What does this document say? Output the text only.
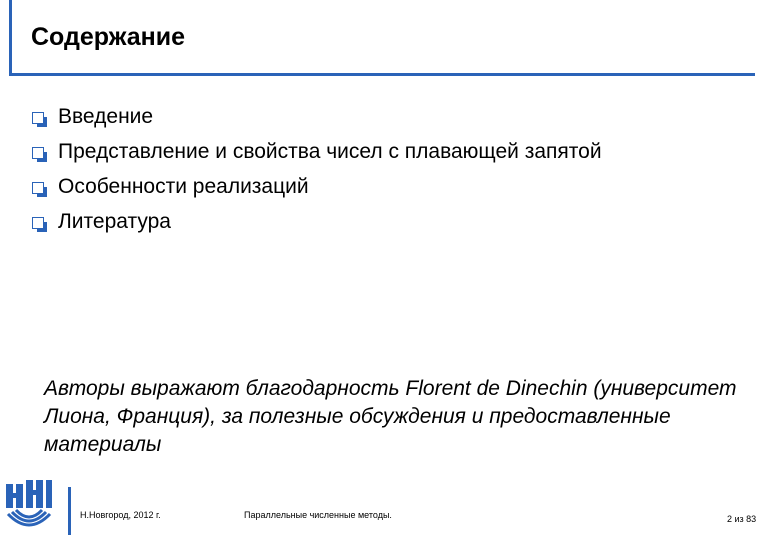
Содержание
Введение
Представление и свойства чисел с плавающей запятой
Особенности реализаций
Литература
Авторы выражают благодарность Florent de Dinechin (университет Лиона, Франция), за полезные обсуждения и предоставленные материалы
Н.Новгород, 2012 г.	Параллельные численные методы.	2 из 83
